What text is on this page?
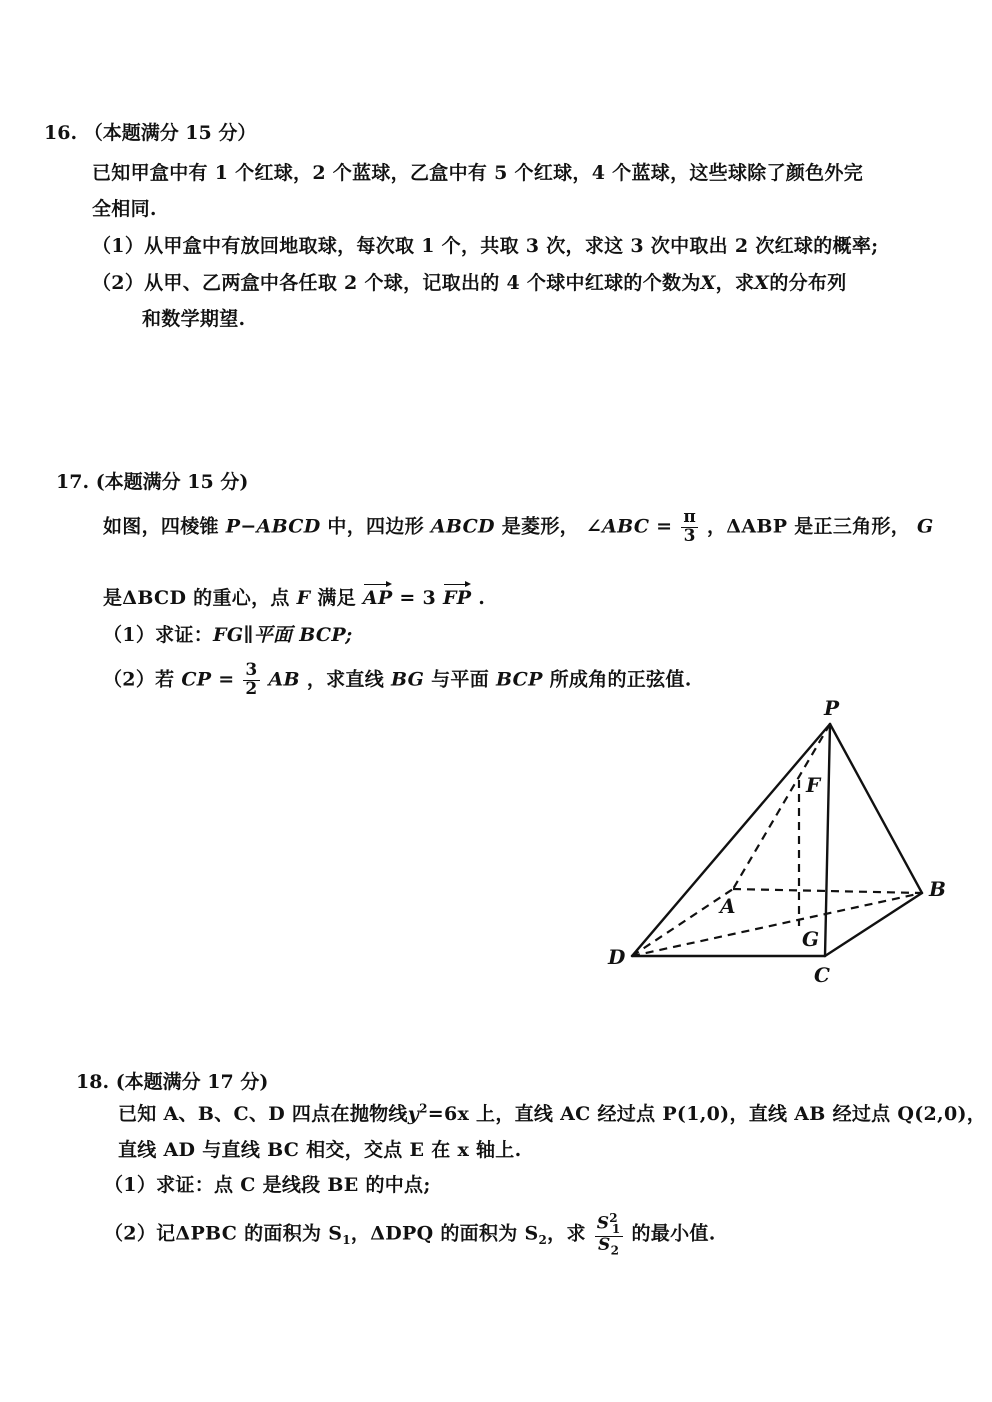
16. （本题满分 15 分）
已知甲盒中有 1 个红球，2 个蓝球，乙盒中有 5 个红球，4 个蓝球，这些球除了颜色外完
全相同.
（1）从甲盒中有放回地取球，每次取 1 个，共取 3 次，求这 3 次中取出 2 次红球的概率;
（2）从甲、乙两盒中各任取 2 个球，记取出的 4 个球中红球的个数为X，求X的分布列
和数学期望.
17. (本题满分 15 分)
如图，四棱锥 P−ABCD 中，四边形 ABCD 是菱形， ∠ABC = $\frac{\pi}{3}$ ，ΔABP 是正三角形， G
是ΔBCD 的重心，点 F 满足 AP = 3 FP .
（1）求证：FG∥平面 BCP;
（2）若 CP = $\frac{3}{2}$ AB ，求直线 BG 与平面 BCP 所成角的正弦值.
P
F
A
B
G
D
C
18. (本题满分 17 分)
已知 A、B、C、D 四点在抛物线$y^2=6x$ 上，直线 AC 经过点 P(1,0)，直线 AB 经过点 Q(2,0)，
直线 AD 与直线 BC 相交，交点 E 在 x 轴上.
（1）求证：点 C 是线段 BE 的中点;
（2）记ΔPBC 的面积为 $S_1$，ΔDPQ 的面积为 $S_2$，求 $\frac{S^2_1}{S_2}$ 的最小值.
